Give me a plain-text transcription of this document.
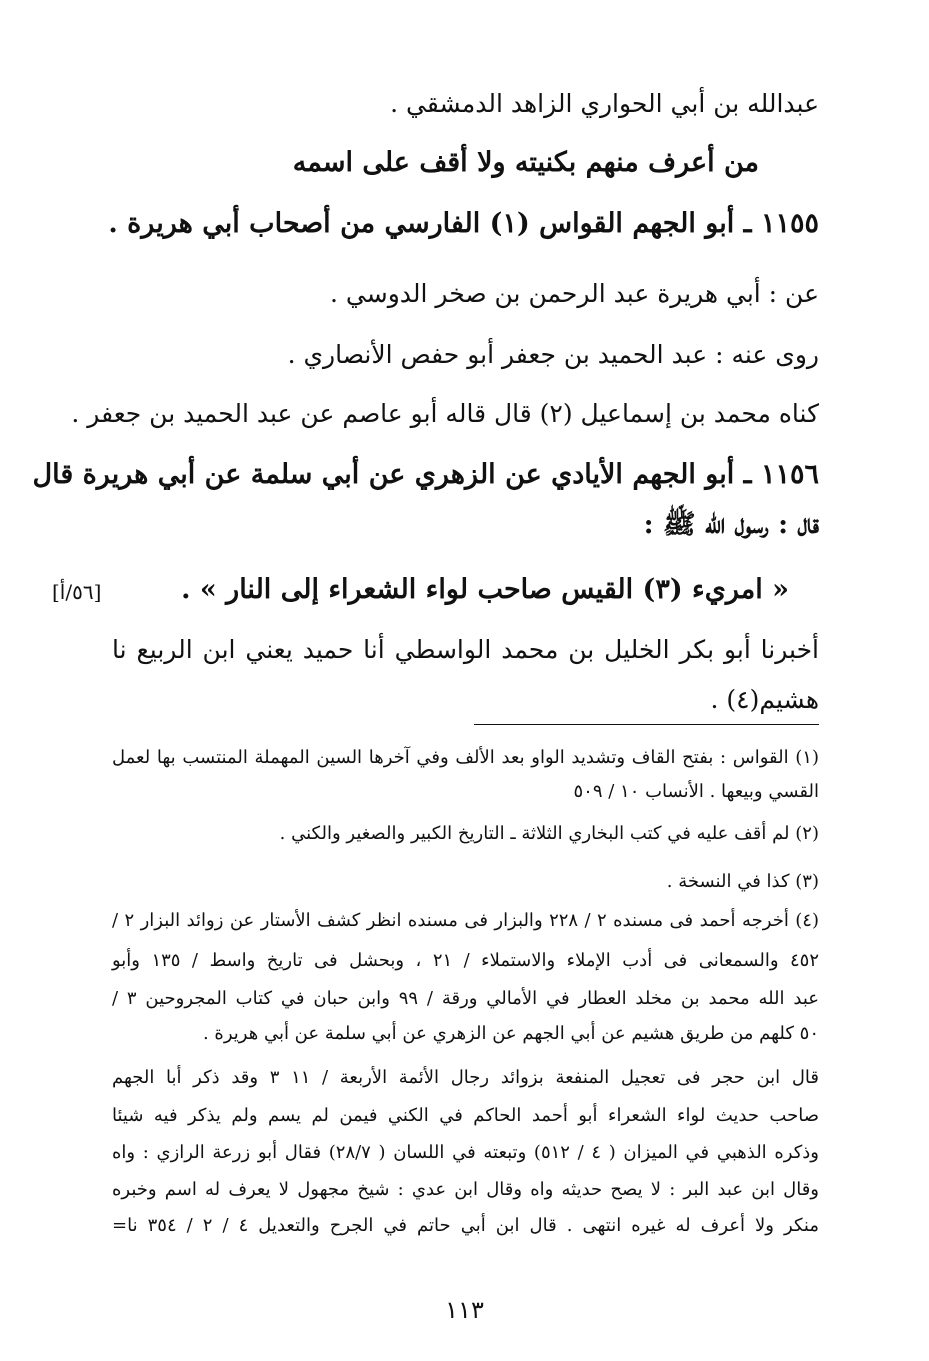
عبدالله بن أبي الحواري الزاهد الدمشقي .
من أعرف منهم بكنيته ولا أقف على اسمه
١١٥٥ ـ أبو الجهم القواس (١) الفارسي من أصحاب أبي هريرة .
عن : أبي هريرة عبد الرحمن بن صخر الدوسي .
روى عنه : عبد الحميد بن جعفر أبو حفص الأنصاري .
كناه محمد بن إسماعيل (٢) قال قاله أبو عاصم عن عبد الحميد بن جعفر .
١١٥٦ ـ أبو الجهم الأيادي عن الزهري عن أبي سلمة عن أبي هريرة قال
قال : رسول الله ﷺ :
« امريء (٣) القيس صاحب لواء الشعراء إلى النار » .
[٥٦/أ]
أخبرنا أبو بكر الخليل بن محمد الواسطي أنا حميد يعني ابن الربيع نا
هشيم(٤) .
(١) القواس : بفتح القاف وتشديد الواو بعد الألف وفي آخرها السين المهملة المنتسب بها لعمل
القسي وبيعها . الأنساب ١٠ / ٥٠٩
(٢) لم أقف عليه في كتب البخاري الثلاثة ـ التاريخ الكبير والصغير والكني .
(٣) كذا في النسخة .
(٤) أخرجه أحمد فى مسنده ٢ / ٢٢٨ والبزار فى مسنده انظر كشف الأستار عن زوائد البزار ٢ /
٤٥٢ والسمعانى فى أدب الإملاء والاستملاء / ٢١ ، وبحشل فى تاريخ واسط / ١٣٥ وأبو
عبد الله محمد بن مخلد العطار في الأمالي ورقة / ٩٩ وابن حبان في كتاب المجروحين ٣ /
٥٠ كلهم من طريق هشيم عن أبي الجهم عن الزهري عن أبي سلمة عن أبي هريرة .
قال ابن حجر فى تعجيل المنفعة بزوائد رجال الأئمة الأربعة / ١١ ٣ وقد ذكر أبا الجهم
صاحب حديث لواء الشعراء أبو أحمد الحاكم في الكني فيمن لم يسم ولم يذكر فيه شيئا
وذكره الذهبي في الميزان ( ٤ / ٥١٢) وتبعته في اللسان ( ٢٨/٧) فقال أبو زرعة الرازي : واه
وقال ابن عبد البر : لا يصح حديثه واه وقال ابن عدي : شيخ مجهول لا يعرف له اسم وخبره
منكر ولا أعرف له غيره انتهى . قال ابن أبي حاتم في الجرح والتعديل ٤ / ٢ / ٣٥٤ نا=
١١٣
